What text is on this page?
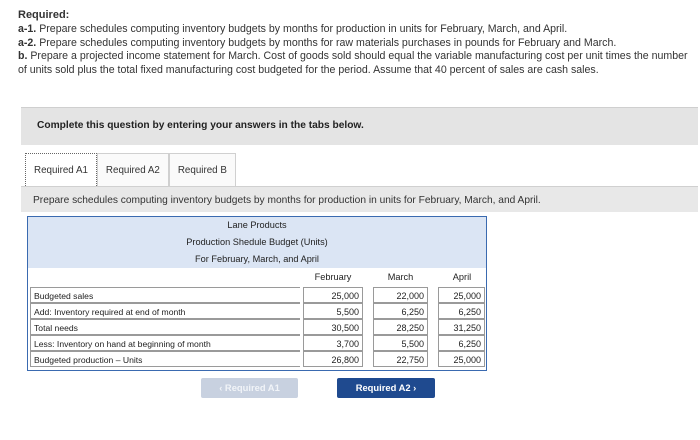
Required:
a-1. Prepare schedules computing inventory budgets by months for production in units for February, March, and April.
a-2. Prepare schedules computing inventory budgets by months for raw materials purchases in pounds for February and March.
b. Prepare a projected income statement for March. Cost of goods sold should equal the variable manufacturing cost per unit times the number of units sold plus the total fixed manufacturing cost budgeted for the period. Assume that 40 percent of sales are cash sales.
Complete this question by entering your answers in the tabs below.
Required A1	Required A2	Required B
Prepare schedules computing inventory budgets by months for production in units for February, March, and April.
Lane Products
Production Shedule Budget (Units)
For February, March, and April
February	March	April
Budgeted sales	25,000	22,000	25,000
Add: Inventory required at end of month	5,500	6,250	6,250
Total needs	30,500	28,250	31,250
Less: Inventory on hand at beginning of month	3,700	5,500	6,250
Budgeted production – Units	26,800	22,750	25,000
‹ Required A1	Required A2 ›
